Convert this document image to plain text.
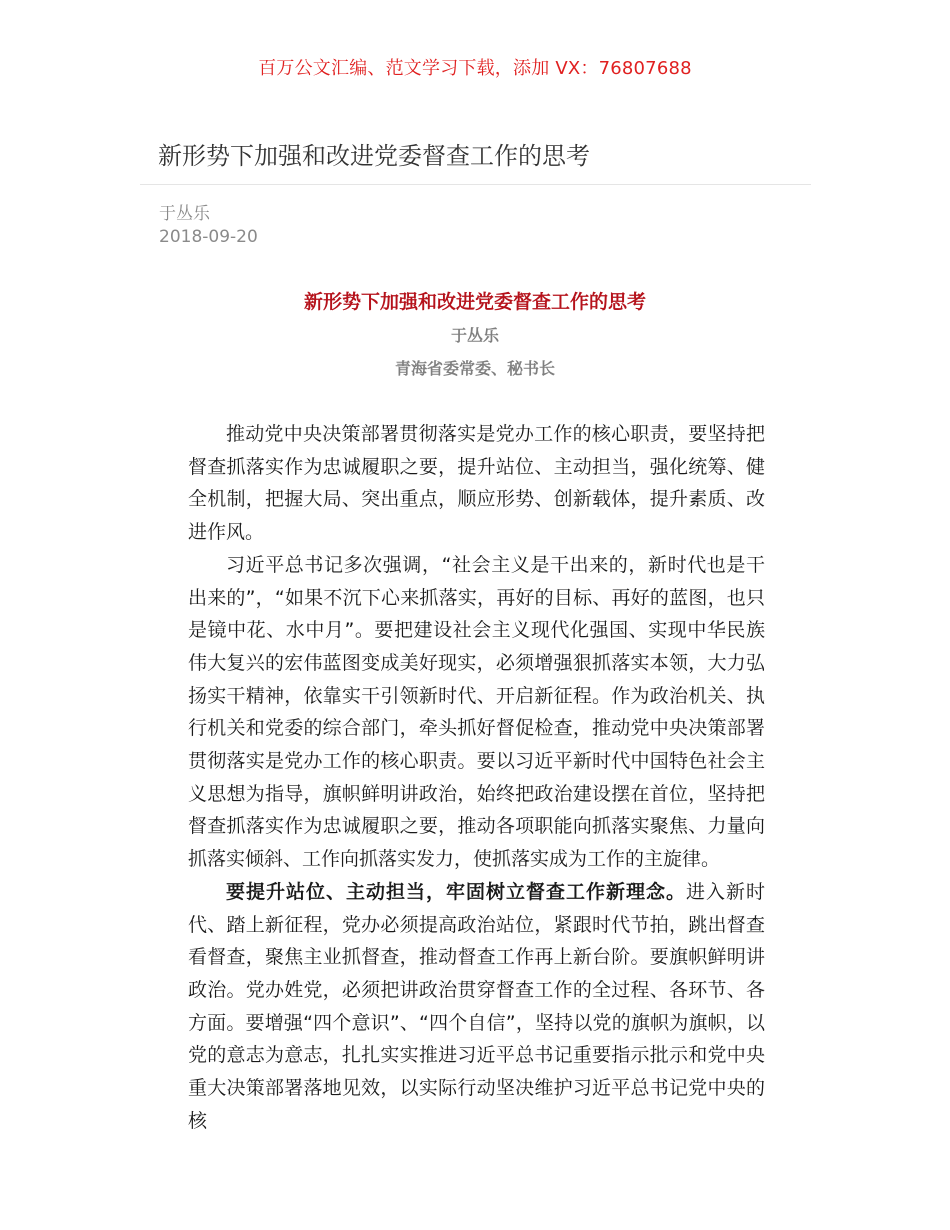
百万公文汇编、范文学习下载，添加 VX：76807688
新形势下加强和改进党委督查工作的思考
于丛乐
2018-09-20
新形势下加强和改进党委督查工作的思考
于丛乐
青海省委常委、秘书长

推动党中央决策部署贯彻落实是党办工作的核心职责，要坚持把督查抓落实作为忠诚履职之要，提升站位、主动担当，强化统筹、健全机制，把握大局、突出重点，顺应形势、创新载体，提升素质、改进作风。

习近平总书记多次强调，“社会主义是干出来的，新时代也是干出来的”，“如果不沉下心来抓落实，再好的目标、再好的蓝图，也只是镜中花、水中月”。要把建设社会主义现代化强国、实现中华民族伟大复兴的宏伟蓝图变成美好现实，必须增强狠抓落实本领，大力弘扬实干精神，依靠实干引领新时代、开启新征程。作为政治机关、执行机关和党委的综合部门，牵头抓好督促检查，推动党中央决策部署贯彻落实是党办工作的核心职责。要以习近平新时代中国特色社会主义思想为指导，旗帜鲜明讲政治，始终把政治建设摆在首位，坚持把督查抓落实作为忠诚履职之要，推动各项职能向抓落实聚焦、力量向抓落实倾斜、工作向抓落实发力，使抓落实成为工作的主旋律。

要提升站位、主动担当，牢固树立督查工作新理念。进入新时代、踏上新征程，党办必须提高政治站位，紧跟时代节拍，跳出督查看督查，聚焦主业抓督查，推动督查工作再上新台阶。要旗帜鲜明讲政治。党办姓党，必须把讲政治贯穿督查工作的全过程、各环节、各方面。要增强“四个意识”、“四个自信”，坚持以党的旗帜为旗帜，以党的意志为意志，扎扎实实推进习近平总书记重要指示批示和党中央重大决策部署落地见效，以实际行动坚决维护习近平总书记党中央的核
